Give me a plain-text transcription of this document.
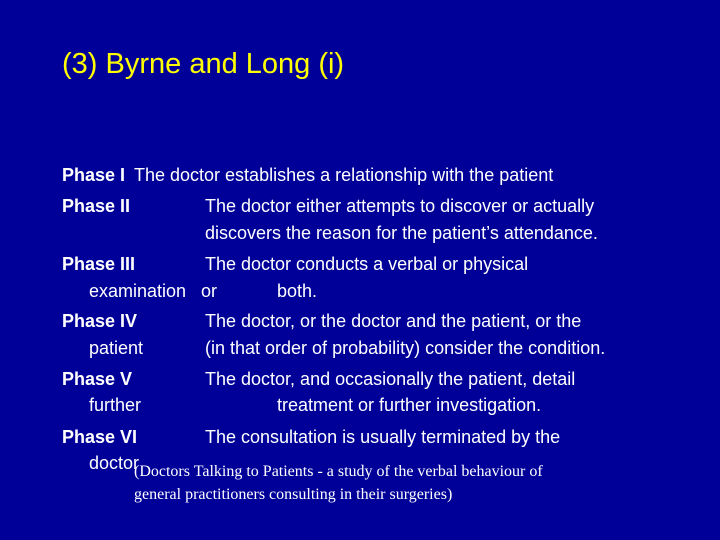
(3) Byrne and Long (i)
Phase I The doctor establishes a relationship with the patient
Phase II	The doctor either attempts to discover or actually
discovers the reason for the patient’s attendance.
Phase III	The doctor conducts a verbal or physical
examination or	both.
Phase IV	The doctor, or the doctor and the patient, or the
patient	(in that order of probability) consider the condition.
Phase V	The doctor, and occasionally the patient, detail
further	treatment or further investigation.
Phase VI	The consultation is usually terminated by the
doctor
(Doctors Talking to Patients - a study of the verbal behaviour of
general practitioners consulting in their surgeries)
